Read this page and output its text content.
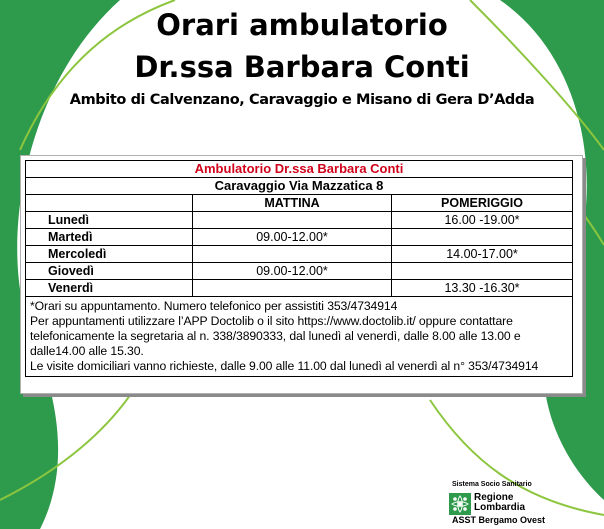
Orari ambulatorio
Dr.ssa Barbara Conti
Ambito di Calvenzano, Caravaggio e Misano di Gera D’Adda
Ambulatorio Dr.ssa Barbara Conti		
Caravaggio Via Mazzatica 8		
	MATTINA	POMERIGGIO
Lunedì		16.00 -19.00*
Martedì	09.00-12.00*	
Mercoledì		14.00-17.00*
Giovedì	09.00-12.00*	
Venerdì		13.30 -16.30*

*Orari su appuntamento. Numero telefonico per assistiti 353/4734914

Per appuntamenti utilizzare l’APP Doctolib o il sito https://www.doctolib.it/ oppure contattare telefonicamente la segretaria al n. 338/3890333, dal lunedì al venerdì, dalle 8.00 alle 13.00 e dalle14.00 alle 15.30.

Le visite domiciliari vanno richieste, dalle 9.00 alle 11.00 dal lunedì al venerdì al n° 353/4734914		

Sistema Socio Sanitario
Regione
Lombardia
ASST Bergamo Ovest
